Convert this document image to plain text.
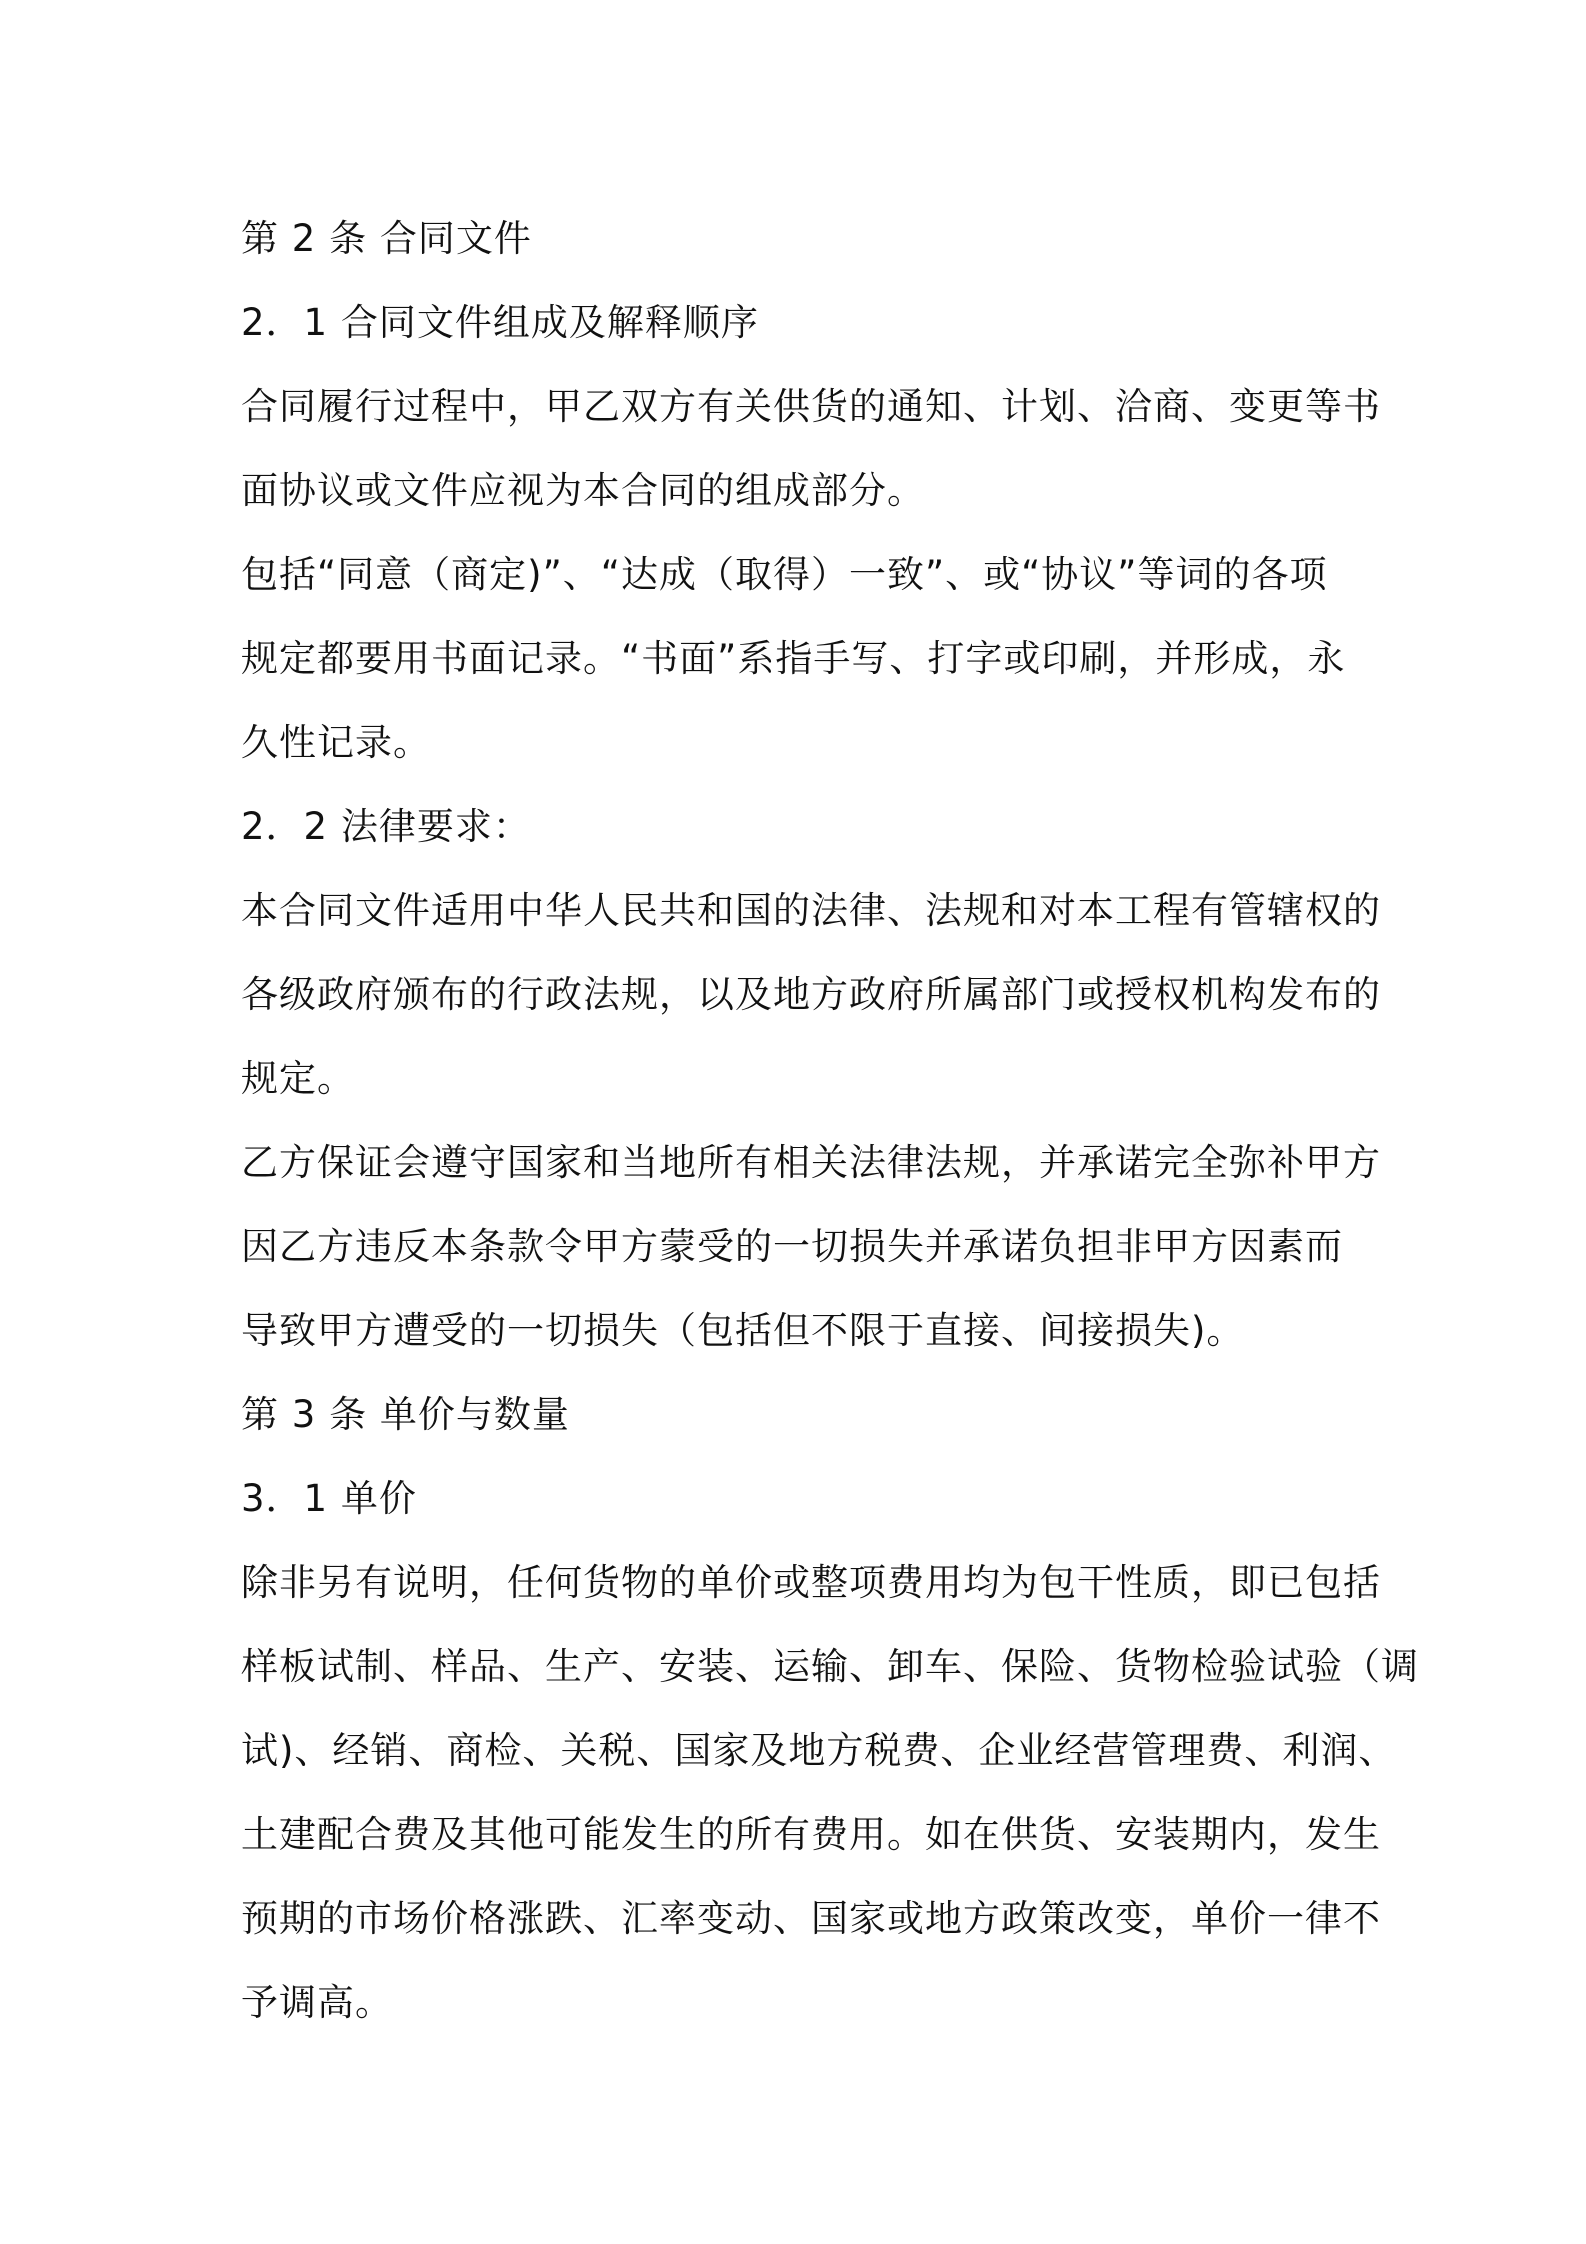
第 2 条 合同文件
2．1 合同文件组成及解释顺序
合同履行过程中，甲乙双方有关供货的通知、计划、洽商、变更等书
面协议或文件应视为本合同的组成部分。
包括“同意（商定)”、“达成（取得）一致”、或“协议”等词的各项
规定都要用书面记录。“书面”系指手写、打字或印刷，并形成，永
久性记录。
2．2 法律要求：
本合同文件适用中华人民共和国的法律、法规和对本工程有管辖权的
各级政府颁布的行政法规，以及地方政府所属部门或授权机构发布的
规定。
乙方保证会遵守国家和当地所有相关法律法规，并承诺完全弥补甲方
因乙方违反本条款令甲方蒙受的一切损失并承诺负担非甲方因素而
导致甲方遭受的一切损失（包括但不限于直接、间接损失)。
第 3 条 单价与数量
3．1 单价
除非另有说明，任何货物的单价或整项费用均为包干性质，即已包括
样板试制、样品、生产、安装、运输、卸车、保险、货物检验试验（调
试)、经销、商检、关税、国家及地方税费、企业经营管理费、利润、
土建配合费及其他可能发生的所有费用。如在供货、安装期内，发生
预期的市场价格涨跌、汇率变动、国家或地方政策改变，单价一律不
予调高。
